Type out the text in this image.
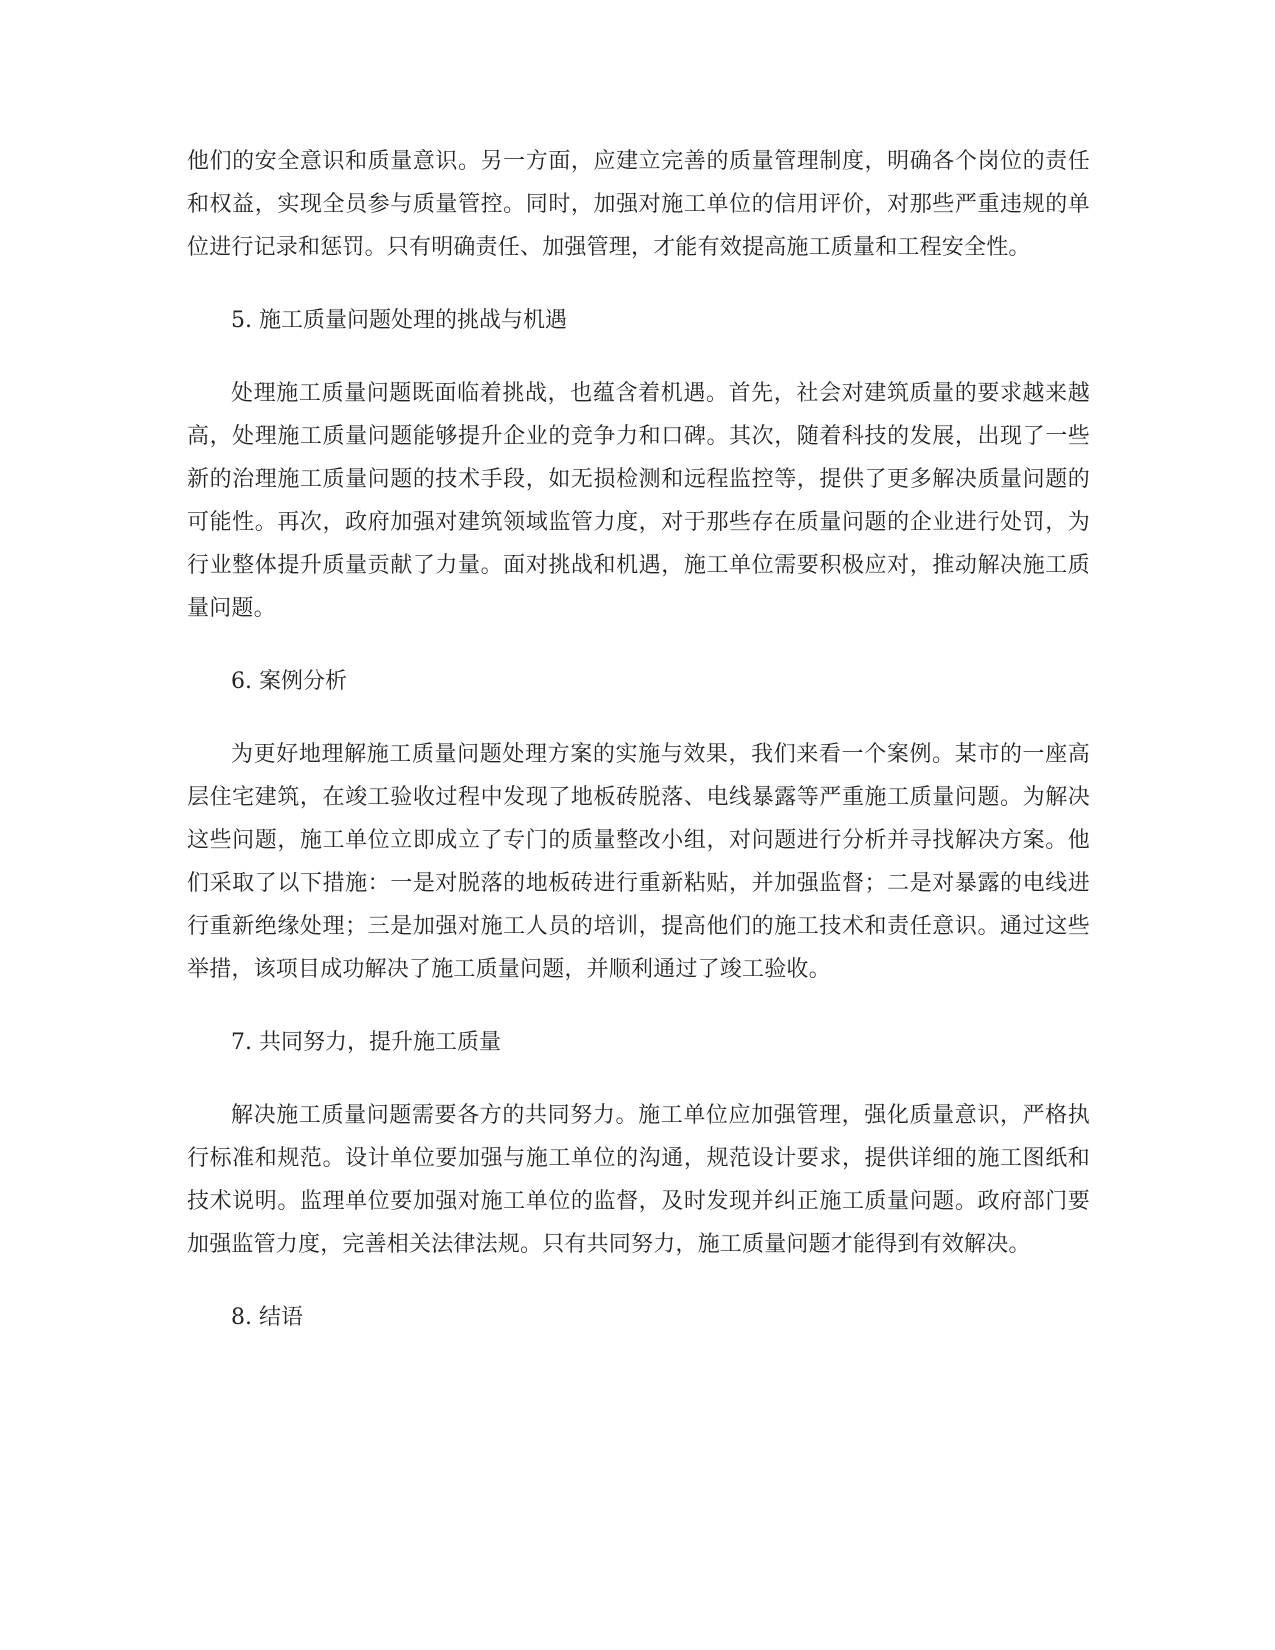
他们的安全意识和质量意识。另一方面，应建立完善的质量管理制度，明确各个岗位的责任和权益，实现全员参与质量管控。同时，加强对施工单位的信用评价，对那些严重违规的单位进行记录和惩罚。只有明确责任、加强管理，才能有效提高施工质量和工程安全性。

5. 施工质量问题处理的挑战与机遇

处理施工质量问题既面临着挑战，也蕴含着机遇。首先，社会对建筑质量的要求越来越高，处理施工质量问题能够提升企业的竞争力和口碑。其次，随着科技的发展，出现了一些新的治理施工质量问题的技术手段，如无损检测和远程监控等，提供了更多解决质量问题的可能性。再次，政府加强对建筑领域监管力度，对于那些存在质量问题的企业进行处罚，为行业整体提升质量贡献了力量。面对挑战和机遇，施工单位需要积极应对，推动解决施工质量问题。

6. 案例分析

为更好地理解施工质量问题处理方案的实施与效果，我们来看一个案例。某市的一座高层住宅建筑，在竣工验收过程中发现了地板砖脱落、电线暴露等严重施工质量问题。为解决这些问题，施工单位立即成立了专门的质量整改小组，对问题进行分析并寻找解决方案。他们采取了以下措施：一是对脱落的地板砖进行重新粘贴，并加强监督；二是对暴露的电线进行重新绝缘处理；三是加强对施工人员的培训，提高他们的施工技术和责任意识。通过这些举措，该项目成功解决了施工质量问题，并顺利通过了竣工验收。

7. 共同努力，提升施工质量

解决施工质量问题需要各方的共同努力。施工单位应加强管理，强化质量意识，严格执行标准和规范。设计单位要加强与施工单位的沟通，规范设计要求，提供详细的施工图纸和技术说明。监理单位要加强对施工单位的监督，及时发现并纠正施工质量问题。政府部门要加强监管力度，完善相关法律法规。只有共同努力，施工质量问题才能得到有效解决。

8. 结语
